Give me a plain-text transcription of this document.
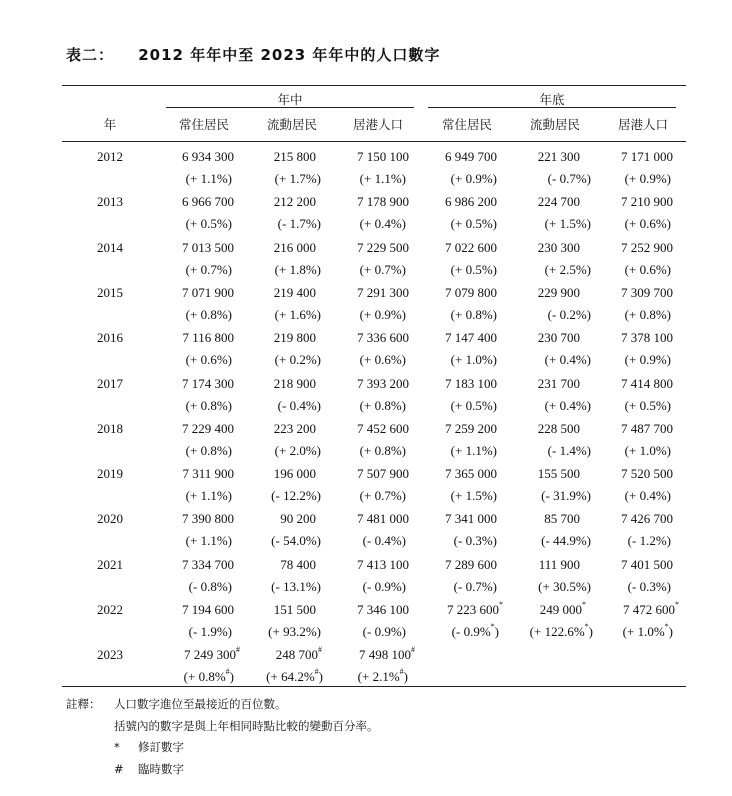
表二： 2012 年年中至 2023 年年中的人口數字
年中	年底
年	常住居民	流動居民	居港人口	常住居民	流動居民	居港人口
2012	6 934 300	215 800	7 150 100	6 949 700	221 300	7 171 000
(+ 1.1%)	(+ 1.7%)	(+ 1.1%)	(+ 0.9%)	(- 0.7%)	(+ 0.9%)
2013	6 966 700	212 200	7 178 900	6 986 200	224 700	7 210 900
(+ 0.5%)	(- 1.7%)	(+ 0.4%)	(+ 0.5%)	(+ 1.5%)	(+ 0.6%)
2014	7 013 500	216 000	7 229 500	7 022 600	230 300	7 252 900
(+ 0.7%)	(+ 1.8%)	(+ 0.7%)	(+ 0.5%)	(+ 2.5%)	(+ 0.6%)
2015	7 071 900	219 400	7 291 300	7 079 800	229 900	7 309 700
(+ 0.8%)	(+ 1.6%)	(+ 0.9%)	(+ 0.8%)	(- 0.2%)	(+ 0.8%)
2016	7 116 800	219 800	7 336 600	7 147 400	230 700	7 378 100
(+ 0.6%)	(+ 0.2%)	(+ 0.6%)	(+ 1.0%)	(+ 0.4%)	(+ 0.9%)
2017	7 174 300	218 900	7 393 200	7 183 100	231 700	7 414 800
(+ 0.8%)	(- 0.4%)	(+ 0.8%)	(+ 0.5%)	(+ 0.4%)	(+ 0.5%)
2018	7 229 400	223 200	7 452 600	7 259 200	228 500	7 487 700
(+ 0.8%)	(+ 2.0%)	(+ 0.8%)	(+ 1.1%)	(- 1.4%)	(+ 1.0%)
2019	7 311 900	196 000	7 507 900	7 365 000	155 500	7 520 500
(+ 1.1%)	(- 12.2%)	(+ 0.7%)	(+ 1.5%)	(- 31.9%)	(+ 0.4%)
2020	7 390 800	90 200	7 481 000	7 341 000	85 700	7 426 700
(+ 1.1%)	(- 54.0%)	(- 0.4%)	(- 0.3%)	(- 44.9%)	(- 1.2%)
2021	7 334 700	78 400	7 413 100	7 289 600	111 900	7 401 500
(- 0.8%)	(- 13.1%)	(- 0.9%)	(- 0.7%)	(+ 30.5%)	(- 0.3%)
2022	7 194 600	151 500	7 346 100	7 223 600*	249 000*	7 472 600*
(- 1.9%)	(+ 93.2%)	(- 0.9%)	(- 0.9%*) (+ 122.6%*) (+ 1.0%*)
2023	7 249 300#	248 700#	7 498 100#
(+ 0.8%#) (+ 64.2%#)	(+ 2.1%#)
註釋：	人口數字進位至最接近的百位數。
括號內的數字是與上年相同時點比較的變動百分率。
*	修訂數字
#	臨時數字
